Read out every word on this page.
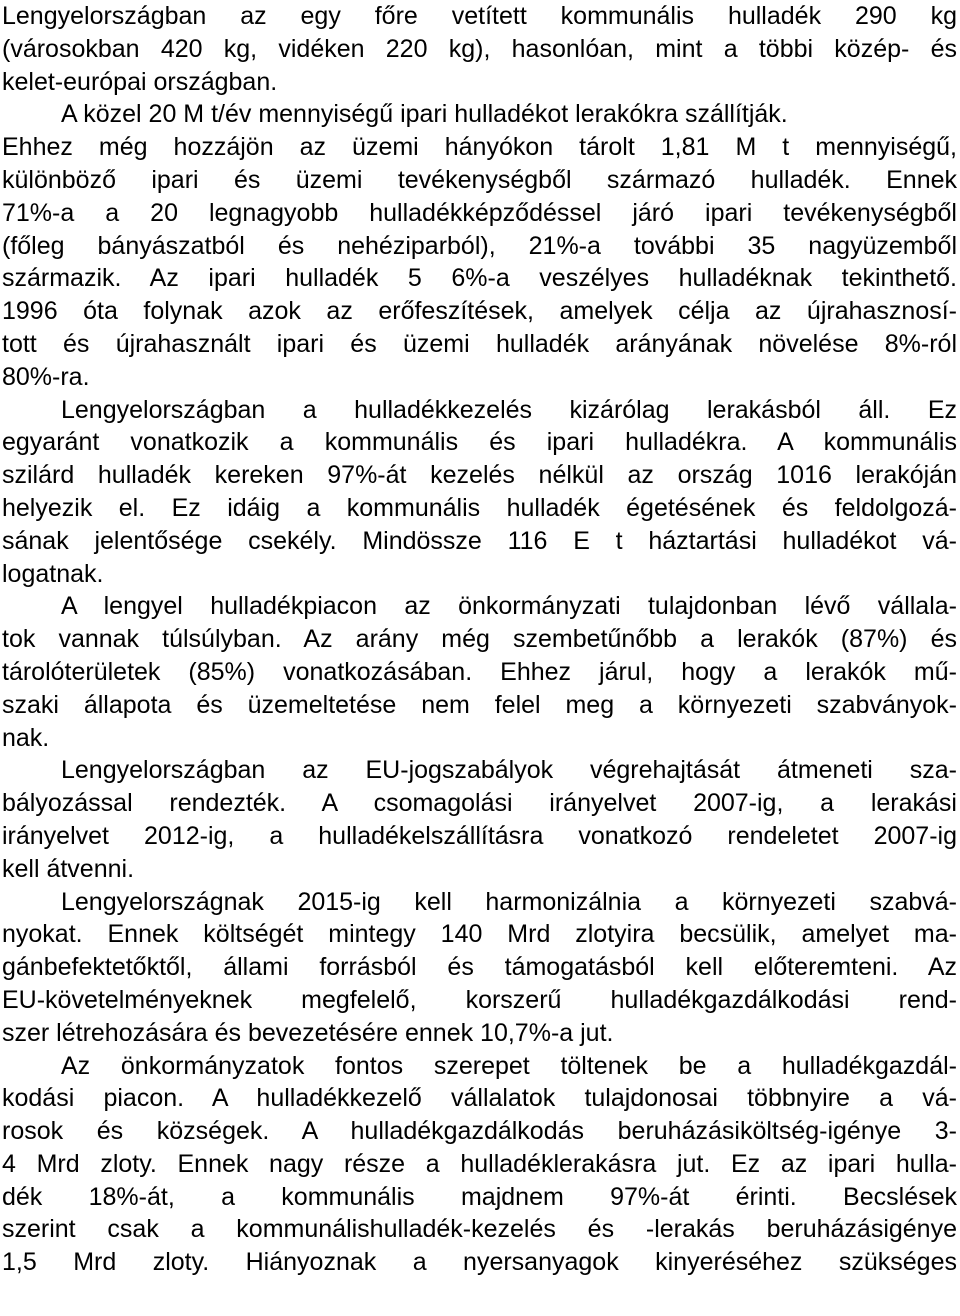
Lengyelországban az egy főre vetített kommunális hulladék 290 kg
(városokban 420 kg, vidéken 220 kg), hasonlóan, mint a többi közép- és
kelet-európai országban.
A közel 20 M t/év mennyiségű ipari hulladékot lerakókra szállítják.
Ehhez még hozzájön az üzemi hányókon tárolt 1,81 M t mennyiségű,
különböző ipari és üzemi tevékenységből származó hulladék. Ennek
71%-a a 20 legnagyobb hulladékképződéssel járó ipari tevékenységből
(főleg bányászatból és nehéziparból), 21%-a további 35 nagyüzemből
származik. Az ipari hulladék 5 6%-a veszélyes hulladéknak tekinthető.
1996 óta folynak azok az erőfeszítések, amelyek célja az újrahasznosí-
tott és újrahasznált ipari és üzemi hulladék arányának növelése 8%-ról
80%-ra.
Lengyelországban a hulladékkezelés kizárólag lerakásból áll. Ez
egyaránt vonatkozik a kommunális és ipari hulladékra. A kommunális
szilárd hulladék kereken 97%-át kezelés nélkül az ország 1016 lerakóján
helyezik el. Ez idáig a kommunális hulladék égetésének és feldolgozá-
sának jelentősége csekély. Mindössze 116 E t háztartási hulladékot vá-
logatnak.
A lengyel hulladékpiacon az önkormányzati tulajdonban lévő vállala-
tok vannak túlsúlyban. Az arány még szembetűnőbb a lerakók (87%) és
tárolóterületek (85%) vonatkozásában. Ehhez járul, hogy a lerakók mű-
szaki állapota és üzemeltetése nem felel meg a környezeti szabványok-
nak.
Lengyelországban az EU-jogszabályok végrehajtását átmeneti sza-
bályozással rendezték. A csomagolási irányelvet 2007-ig, a lerakási
irányelvet 2012-ig, a hulladékelszállításra vonatkozó rendeletet 2007-ig
kell átvenni.
Lengyelországnak 2015-ig kell harmonizálnia a környezeti szabvá-
nyokat. Ennek költségét mintegy 140 Mrd zlotyira becsülik, amelyet ma-
gánbefektetőktől, állami forrásból és támogatásból kell előteremteni. Az
EU-követelményeknek megfelelő, korszerű hulladékgazdálkodási rend-
szer létrehozására és bevezetésére ennek 10,7%-a jut.
Az önkormányzatok fontos szerepet töltenek be a hulladékgazdál-
kodási piacon. A hulladékkezelő vállalatok tulajdonosai többnyire a vá-
rosok és községek. A hulladékgazdálkodás beruházásiköltség-igénye 3-
4 Mrd zloty. Ennek nagy része a hulladéklerakásra jut. Ez az ipari hulla-
dék 18%-át, a kommunális majdnem 97%-át érinti. Becslések
szerint csak a kommunálishulladék-kezelés és -lerakás beruházásigénye
1,5 Mrd zloty. Hiányoznak a nyersanyagok kinyeréséhez szükséges
